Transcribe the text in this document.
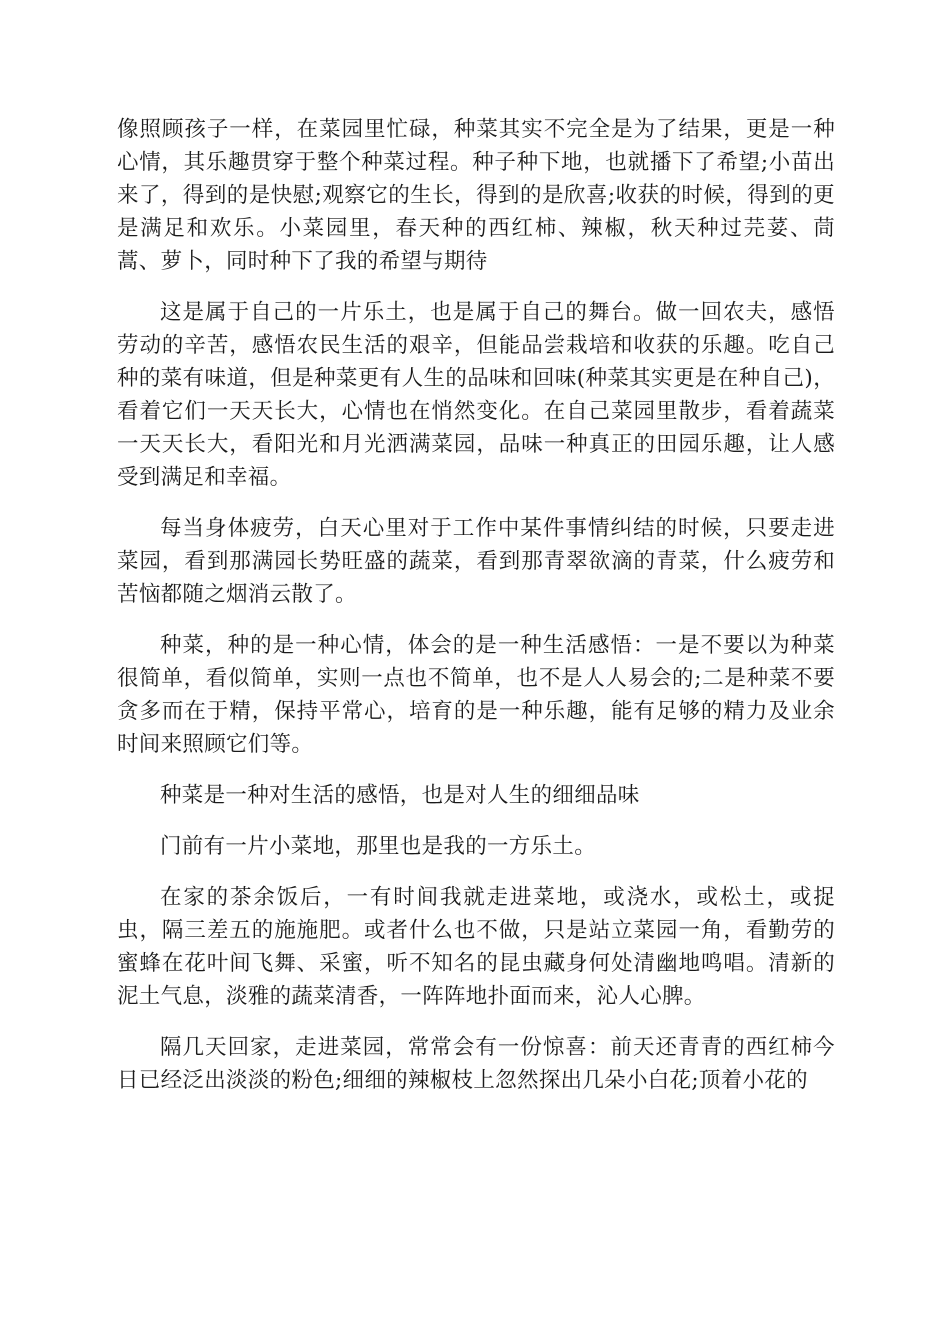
像照顾孩子一样，在菜园里忙碌，种菜其实不完全是为了结果，更是一种心情，其乐趣贯穿于整个种菜过程。种子种下地，也就播下了希望;小苗出来了，得到的是快慰;观察它的生长，得到的是欣喜;收获的时候，得到的更是满足和欢乐。小菜园里，春天种的西红柿、辣椒，秋天种过芫荽、茼蒿、萝卜，同时种下了我的希望与期待

这是属于自己的一片乐土，也是属于自己的舞台。做一回农夫，感悟劳动的辛苦，感悟农民生活的艰辛，但能品尝栽培和收获的乐趣。吃自己种的菜有味道，但是种菜更有人生的品味和回味(种菜其实更是在种自己)，看着它们一天天长大，心情也在悄然变化。在自己菜园里散步，看着蔬菜一天天长大，看阳光和月光洒满菜园，品味一种真正的田园乐趣，让人感受到满足和幸福。

每当身体疲劳，白天心里对于工作中某件事情纠结的时候，只要走进菜园，看到那满园长势旺盛的蔬菜，看到那青翠欲滴的青菜，什么疲劳和苦恼都随之烟消云散了。

种菜，种的是一种心情，体会的是一种生活感悟：一是不要以为种菜很简单，看似简单，实则一点也不简单，也不是人人易会的;二是种菜不要贪多而在于精，保持平常心，培育的是一种乐趣，能有足够的精力及业余时间来照顾它们等。

种菜是一种对生活的感悟，也是对人生的细细品味

门前有一片小菜地，那里也是我的一方乐土。

在家的茶余饭后，一有时间我就走进菜地，或浇水，或松土，或捉虫，隔三差五的施施肥。或者什么也不做，只是站立菜园一角，看勤劳的蜜蜂在花叶间飞舞、采蜜，听不知名的昆虫藏身何处清幽地鸣唱。清新的泥土气息，淡雅的蔬菜清香，一阵阵地扑面而来，沁人心脾。

隔几天回家，走进菜园，常常会有一份惊喜：前天还青青的西红柿今日已经泛出淡淡的粉色;细细的辣椒枝上忽然探出几朵小白花;顶着小花的
